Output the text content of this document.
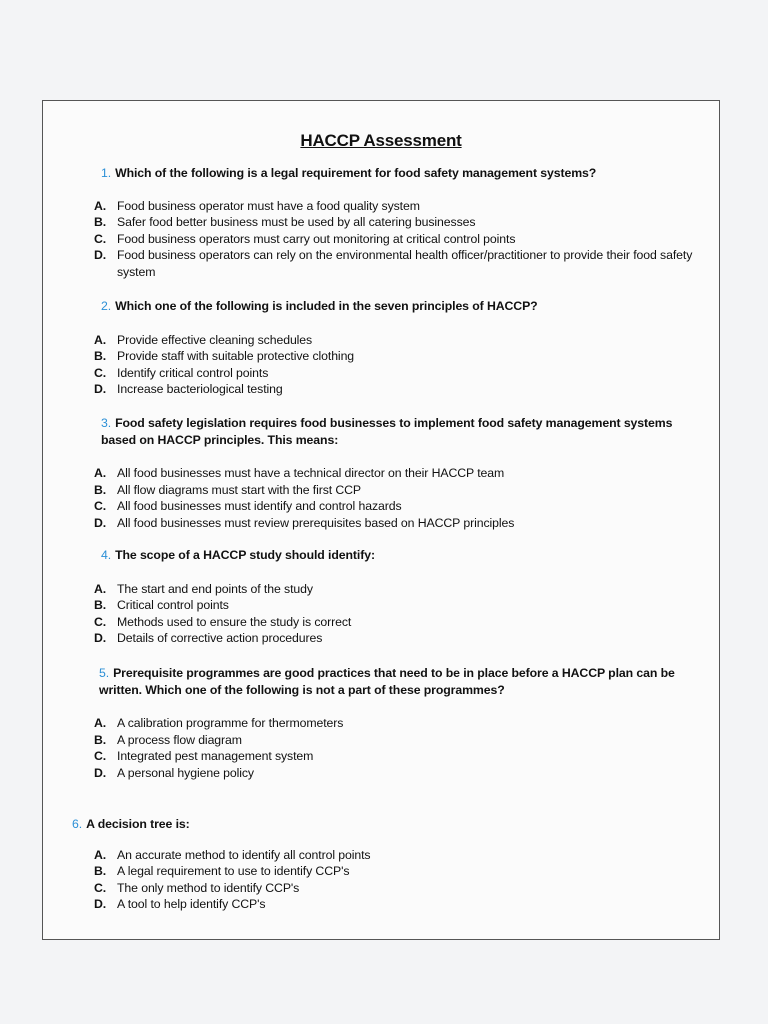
HACCP Assessment
1. Which of the following is a legal requirement for food safety management systems?
A. Food business operator must have a food quality system
B. Safer food better business must be used by all catering businesses
C. Food business operators must carry out monitoring at critical control points
D. Food business operators can rely on the environmental health officer/practitioner to provide their food safety system
2. Which one of the following is included in the seven principles of HACCP?
A. Provide effective cleaning schedules
B. Provide staff with suitable protective clothing
C. Identify critical control points
D. Increase bacteriological testing
3. Food safety legislation requires food businesses to implement food safety management systems based on HACCP principles. This means:
A. All food businesses must have a technical director on their HACCP team
B. All flow diagrams must start with the first CCP
C. All food businesses must identify and control hazards
D. All food businesses must review prerequisites based on HACCP principles
4. The scope of a HACCP study should identify:
A. The start and end points of the study
B. Critical control points
C. Methods used to ensure the study is correct
D. Details of corrective action procedures
5. Prerequisite programmes are good practices that need to be in place before a HACCP plan can be written. Which one of the following is not a part of these programmes?
A. A calibration programme for thermometers
B. A process flow diagram
C. Integrated pest management system
D. A personal hygiene policy
6. A decision tree is:
A. An accurate method to identify all control points
B. A legal requirement to use to identify CCP's
C. The only method to identify CCP's
D. A tool to help identify CCP's
